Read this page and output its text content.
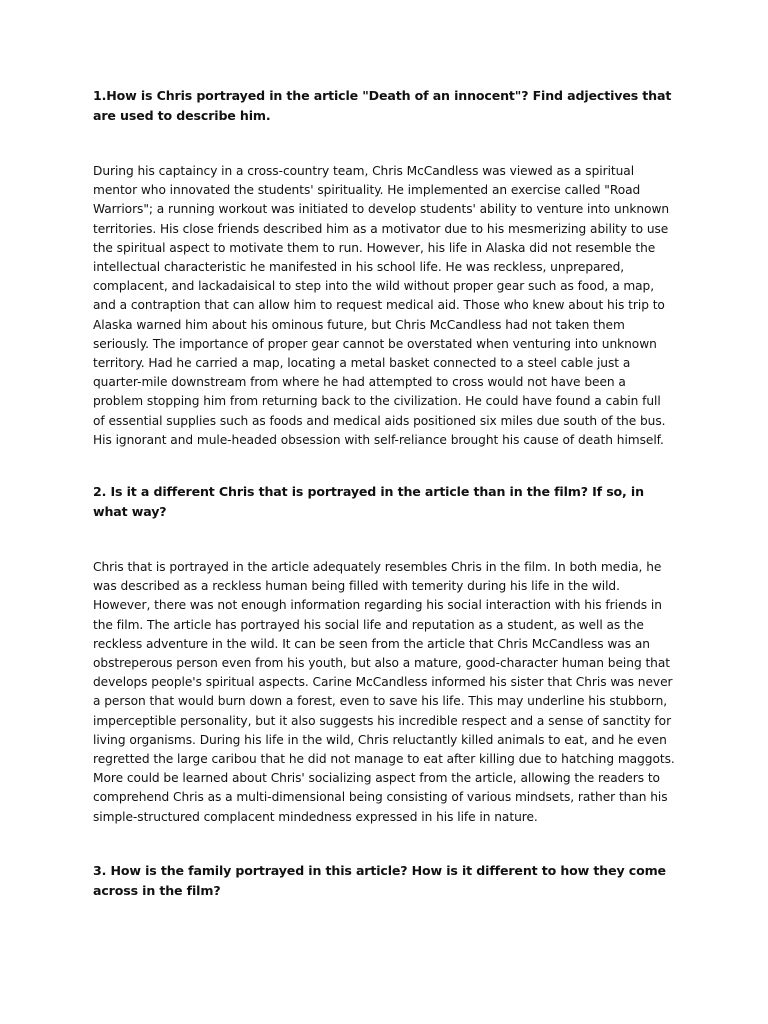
1.How is Chris portrayed in the article "Death of an innocent"? Find adjectives that are used to describe him.

During his captaincy in a cross-country team, Chris McCandless was viewed as a spiritual mentor who innovated the students' spirituality. He implemented an exercise called "Road Warriors"; a running workout was initiated to develop students' ability to venture into unknown territories. His close friends described him as a motivator due to his mesmerizing ability to use the spiritual aspect to motivate them to run. However, his life in Alaska did not resemble the intellectual characteristic he manifested in his school life. He was reckless, unprepared, complacent, and lackadaisical to step into the wild without proper gear such as food, a map, and a contraption that can allow him to request medical aid. Those who knew about his trip to Alaska warned him about his ominous future, but Chris McCandless had not taken them seriously. The importance of proper gear cannot be overstated when venturing into unknown territory. Had he carried a map, locating a metal basket connected to a steel cable just a quarter-mile downstream from where he had attempted to cross would not have been a problem stopping him from returning back to the civilization. He could have found a cabin full of essential supplies such as foods and medical aids positioned six miles due south of the bus. His ignorant and mule-headed obsession with self-reliance brought his cause of death himself.

2. Is it a different Chris that is portrayed in the article than in the film? If so, in what way?

Chris that is portrayed in the article adequately resembles Chris in the film. In both media, he was described as a reckless human being filled with temerity during his life in the wild. However, there was not enough information regarding his social interaction with his friends in the film. The article has portrayed his social life and reputation as a student, as well as the reckless adventure in the wild. It can be seen from the article that Chris McCandless was an obstreperous person even from his youth, but also a mature, good-character human being that develops people's spiritual aspects. Carine McCandless informed his sister that Chris was never a person that would burn down a forest, even to save his life. This may underline his stubborn, imperceptible personality, but it also suggests his incredible respect and a sense of sanctity for living organisms. During his life in the wild, Chris reluctantly killed animals to eat, and he even regretted the large caribou that he did not manage to eat after killing due to hatching maggots. More could be learned about Chris' socializing aspect from the article, allowing the readers to comprehend Chris as a multi-dimensional being consisting of various mindsets, rather than his simple-structured complacent mindedness expressed in his life in nature.

3. How is the family portrayed in this article? How is it different to how they come across in the film?
